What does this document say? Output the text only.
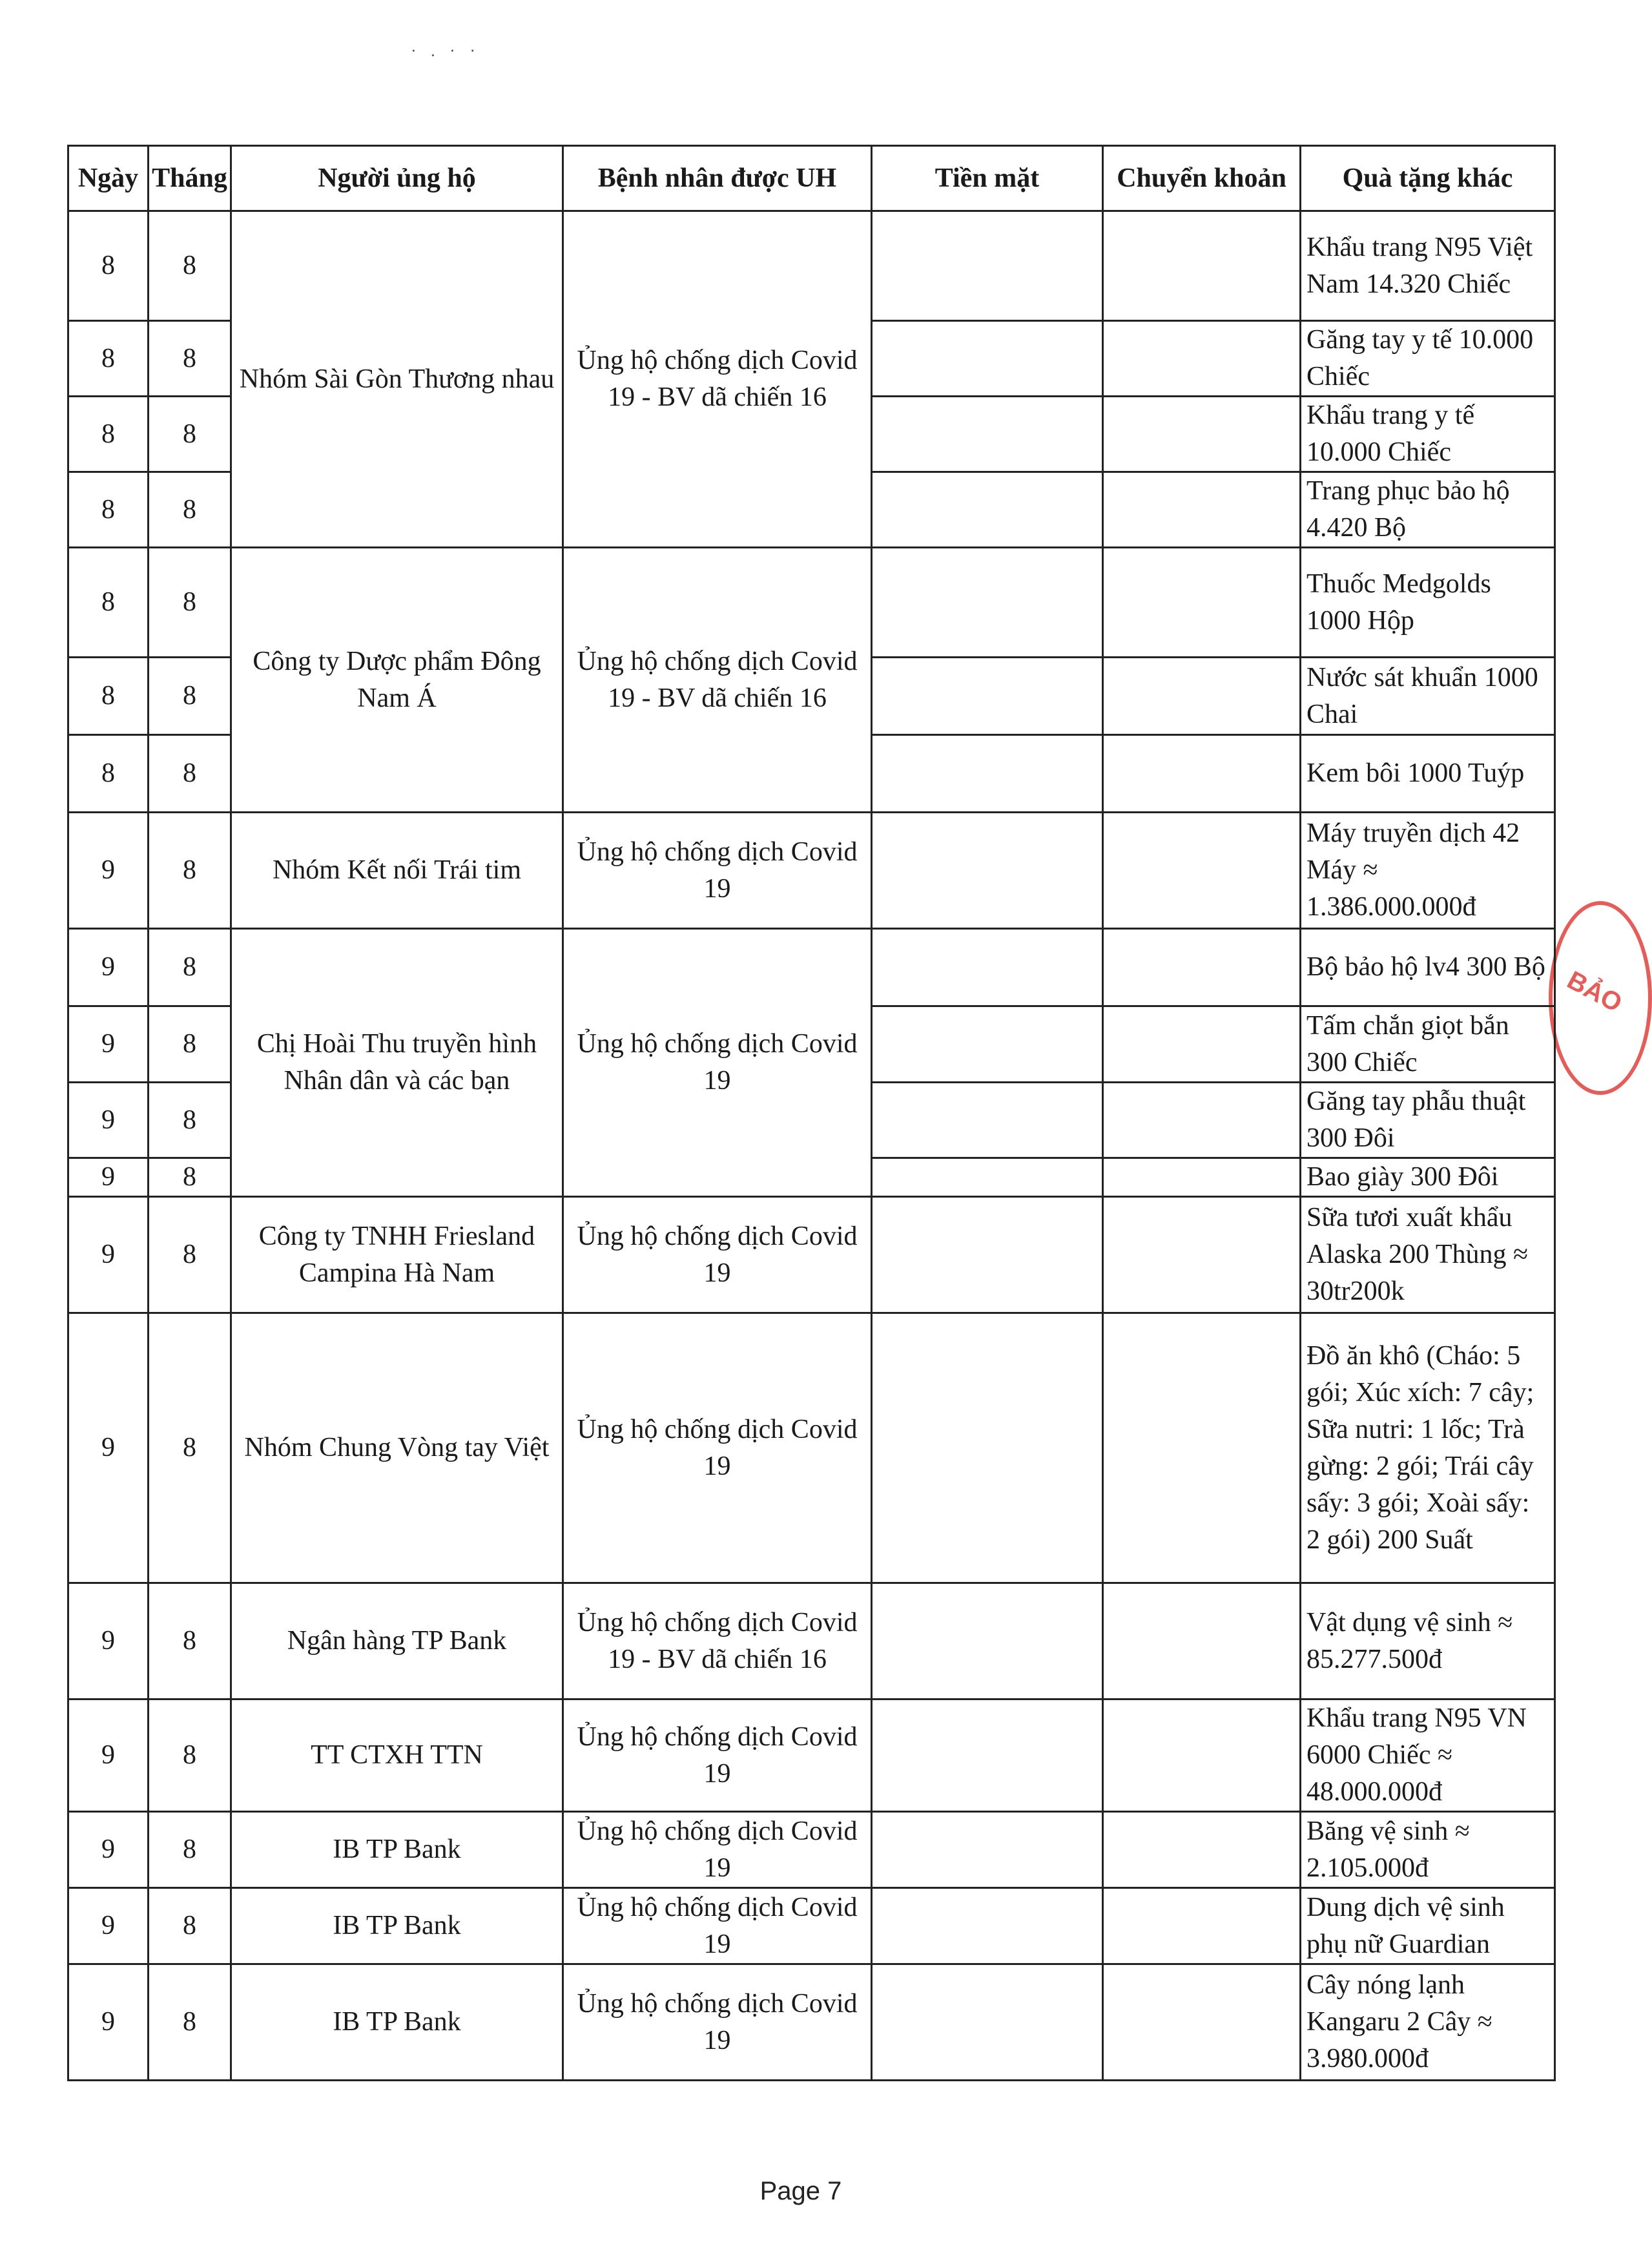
· . · ·
BẢO
Ngày	Tháng	Người ủng hộ	Bệnh nhân được UH	Tiền mặt	Chuyển khoản	Quà tặng khác
8	8	Nhóm Sài Gòn Thương nhau	Ủng hộ chống dịch Covid 19 - BV dã chiến 16			Khẩu trang N95 Việt Nam 14.320 Chiếc
8	8					Găng tay y tế 10.000 Chiếc
8	8					Khẩu trang y tế 10.000 Chiếc
8	8					Trang phục bảo hộ 4.420 Bộ
8	8	Công ty Dược phẩm Đông Nam Á	Ủng hộ chống dịch Covid 19 - BV dã chiến 16			Thuốc Medgolds 1000 Hộp
8	8					Nước sát khuẩn 1000 Chai
8	8					Kem bôi 1000 Tuýp
9	8	Nhóm Kết nối Trái tim	Ủng hộ chống dịch Covid 19			Máy truyền dịch 42 Máy ≈ 1.386.000.000đ
9	8	Chị Hoài Thu truyền hình Nhân dân và các bạn	Ủng hộ chống dịch Covid 19			Bộ bảo hộ lv4 300 Bộ
9	8					Tấm chắn giọt bắn 300 Chiếc
9	8					Găng tay phẫu thuật 300 Đôi
9	8					Bao giày 300 Đôi
9	8	Công ty TNHH Friesland Campina Hà Nam	Ủng hộ chống dịch Covid 19			Sữa tươi xuất khẩu Alaska 200 Thùng ≈ 30tr200k
9	8	Nhóm Chung Vòng tay Việt	Ủng hộ chống dịch Covid 19			Đồ ăn khô (Cháo: 5 gói; Xúc xích: 7 cây; Sữa nutri: 1 lốc; Trà gừng: 2 gói; Trái cây sấy: 3 gói; Xoài sấy: 2 gói) 200 Suất
9	8	Ngân hàng TP Bank	Ủng hộ chống dịch Covid 19 - BV dã chiến 16			Vật dụng vệ sinh ≈ 85.277.500đ
9	8	TT CTXH TTN	Ủng hộ chống dịch Covid 19			Khẩu trang N95 VN 6000 Chiếc ≈ 48.000.000đ
9	8	IB TP Bank	Ủng hộ chống dịch Covid 19			Băng vệ sinh ≈ 2.105.000đ
9	8	IB TP Bank	Ủng hộ chống dịch Covid 19			Dung dịch vệ sinh phụ nữ Guardian
9	8	IB TP Bank	Ủng hộ chống dịch Covid 19			Cây nóng lạnh Kangaru 2 Cây ≈ 3.980.000đ
Page 7
